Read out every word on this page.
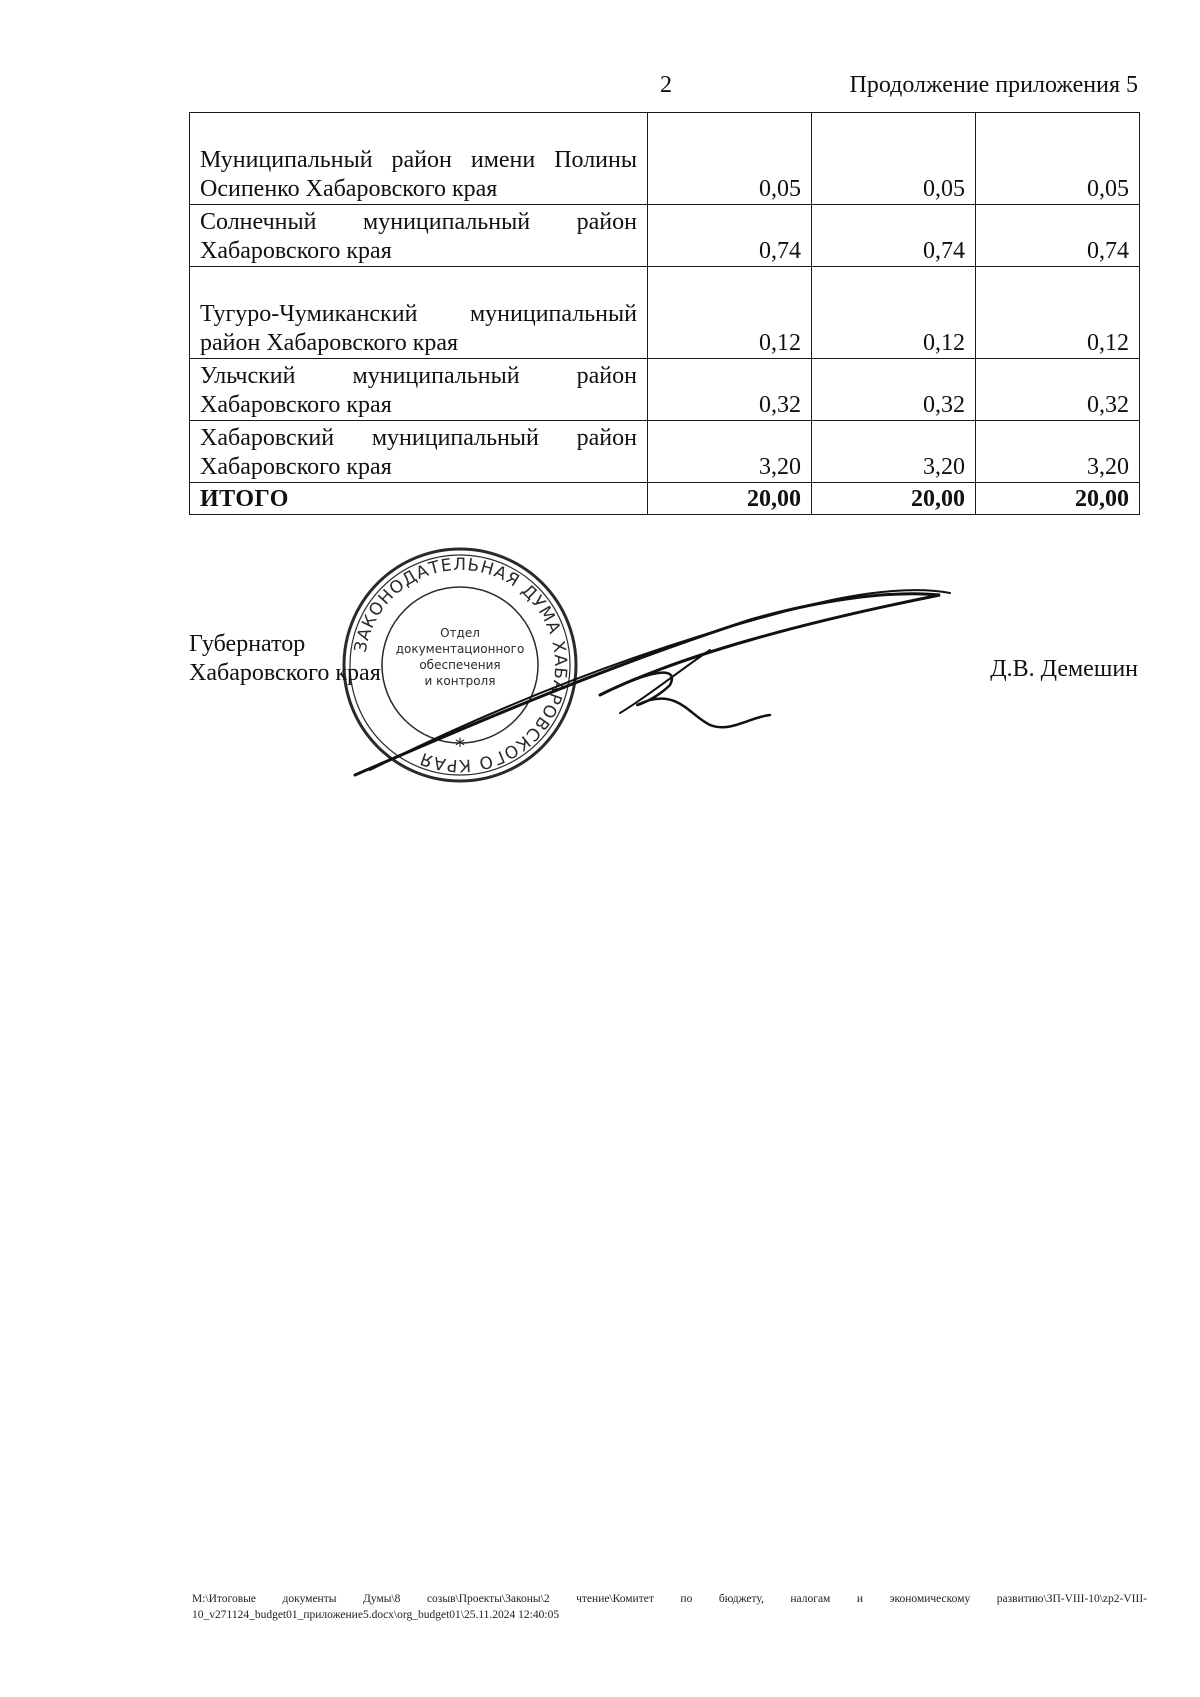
2	Продолжение приложения 5
Муниципальный район имени Полины Осипенко Хабаровского края	0,05	0,05	0,05
Солнечный муниципальный район Хабаровского края	0,74	0,74	0,74
Тугуро-Чумиканский муниципальный район Хабаровского края	0,12	0,12	0,12
Ульчский муниципальный район Хабаровского края	0,32	0,32	0,32
Хабаровский муниципальный район Хабаровского края	3,20	3,20	3,20
ИТОГО	20,00	20,00	20,00
ЗАКОНОДАТЕЛЬНАЯ ДУМА ХАБАРОВСКОГО КРАЯ
Отдел
документационного
обеспечения
и контроля
*
Губернатор
Хабаровского края	Д.В. Демешин
M:\Итоговые документы Думы\8 созыв\Проекты\Законы\2 чтение\Комитет по бюджету, налогам и экономическому развитию\ЗП-VIII-10\zp2-VIII-10_v271124_budget01_приложение5.docx\org_budget01\25.11.2024 12:40:05
